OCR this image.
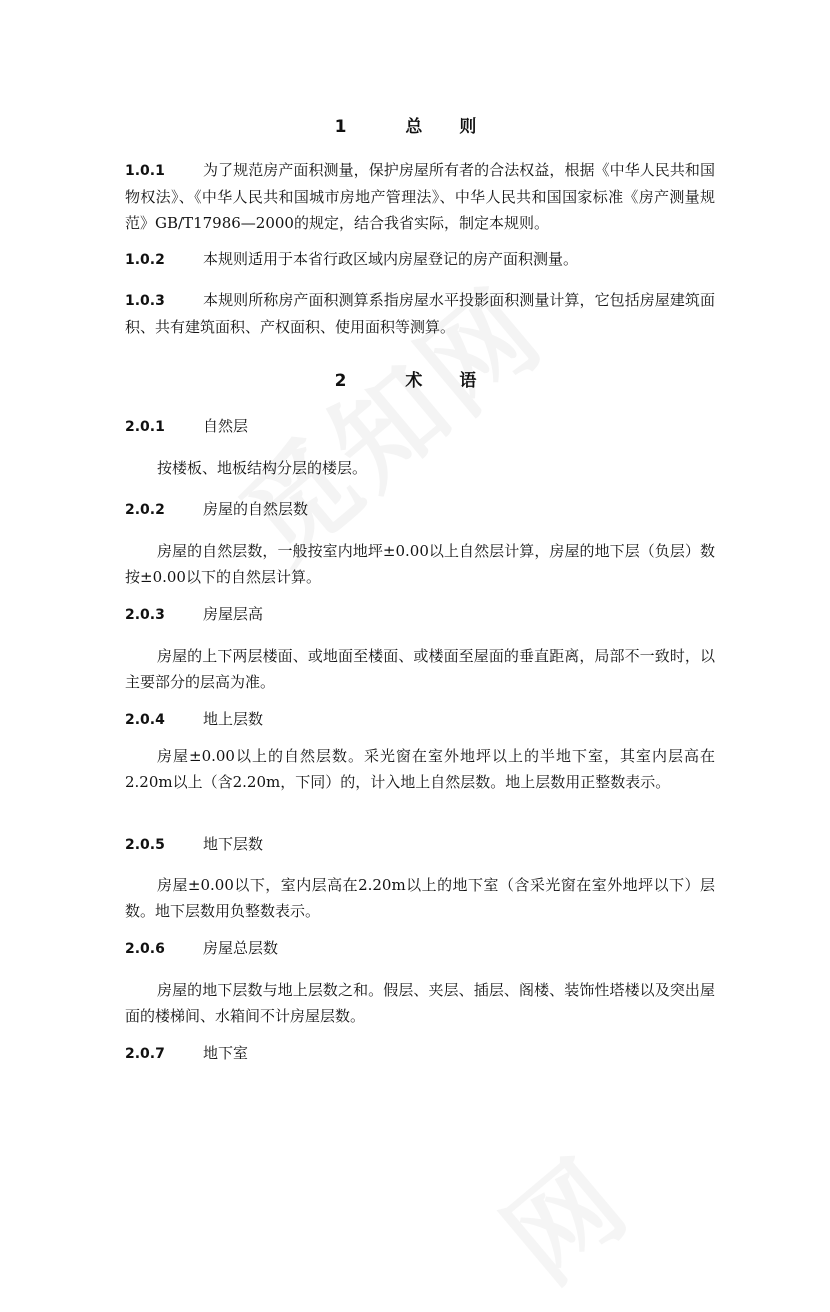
1	总 则
1.0.1	为了规范房产面积测量，保护房屋所有者的合法权益，根据《中华人民共和国物权法》、《中华人民共和国城市房地产管理法》、中华人民共和国国家标准《房产测量规范》GB/T17986—2000的规定，结合我省实际，制定本规则。
1.0.2	本规则适用于本省行政区域内房屋登记的房产面积测量。
1.0.3	本规则所称房产面积测算系指房屋水平投影面积测量计算，它包括房屋建筑面积、共有建筑面积、产权面积、使用面积等测算。
2	术 语
2.0.1	自然层
按楼板、地板结构分层的楼层。
2.0.2	房屋的自然层数
房屋的自然层数，一般按室内地坪±0.00以上自然层计算，房屋的地下层（负层）数按±0.00以下的自然层计算。
2.0.3	房屋层高
房屋的上下两层楼面、或地面至楼面、或楼面至屋面的垂直距离，局部不一致时，以主要部分的层高为准。
2.0.4	地上层数
房屋±0.00以上的自然层数。采光窗在室外地坪以上的半地下室，其室内层高在2.20m以上（含2.20m，下同）的，计入地上自然层数。地上层数用正整数表示。
2.0.5	地下层数
房屋±0.00以下，室内层高在2.20m以上的地下室（含采光窗在室外地坪以下）层数。地下层数用负整数表示。
2.0.6	房屋总层数
房屋的地下层数与地上层数之和。假层、夹层、插层、阁楼、装饰性塔楼以及突出屋面的楼梯间、水箱间不计房屋层数。
2.0.7	地下室
